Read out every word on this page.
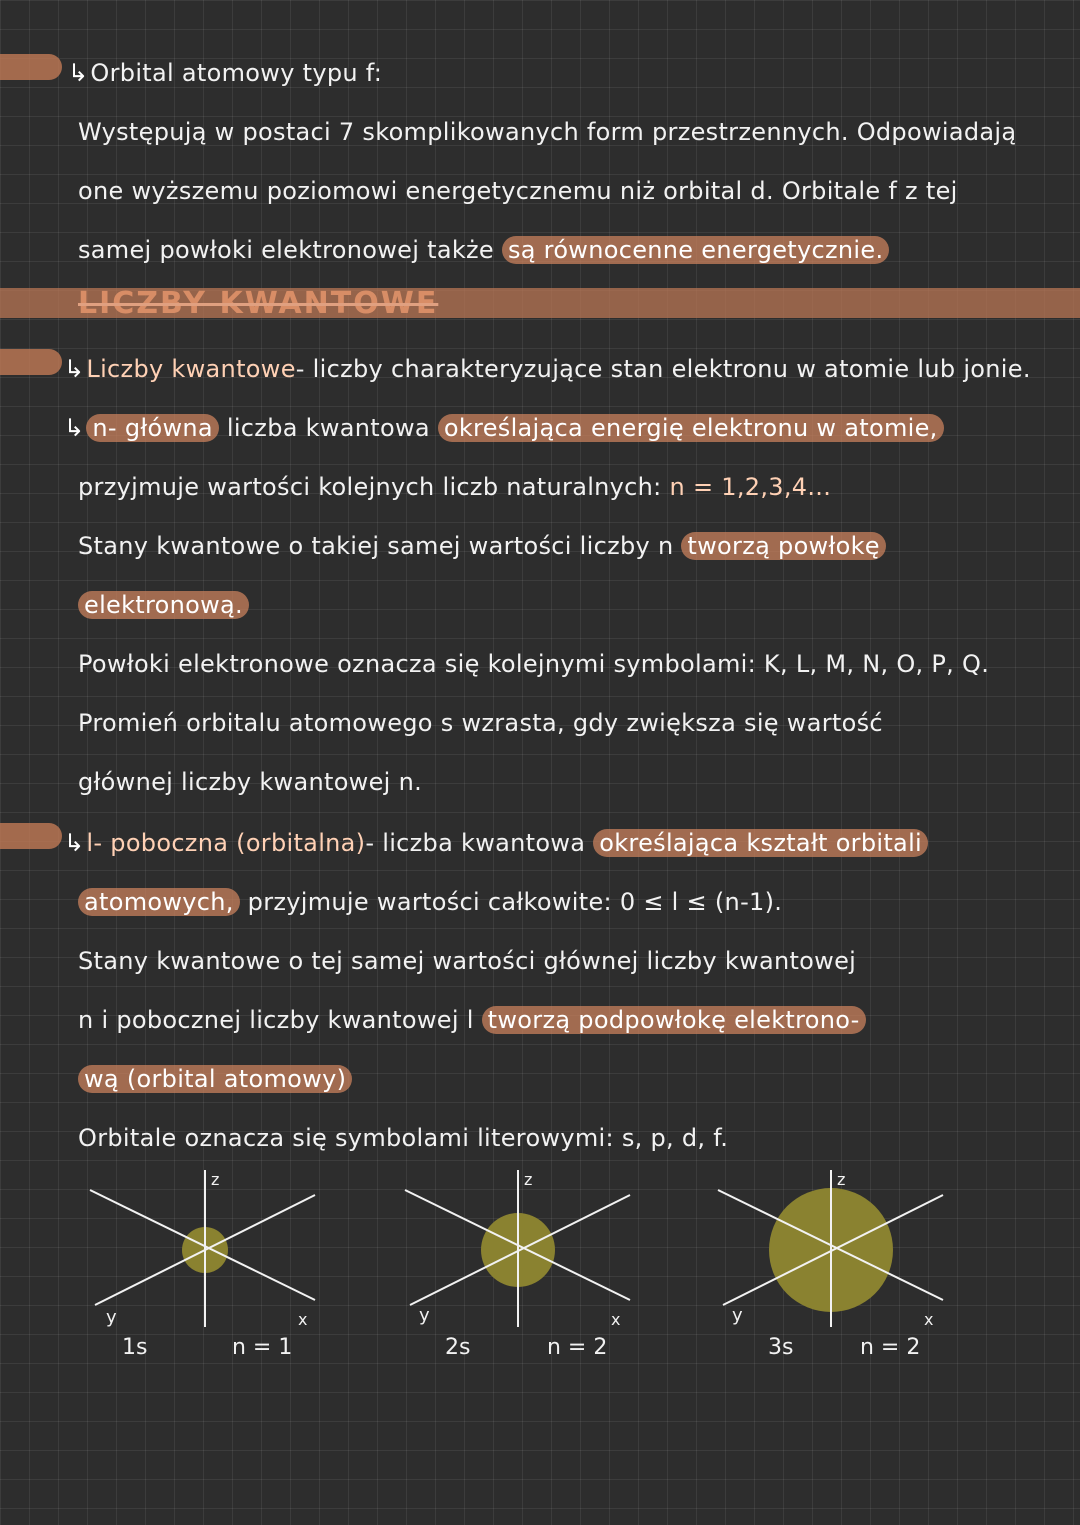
↳Orbital atomowy typu f:
Występują w postaci 7 skomplikowanych form przestrzennych. Odpowiadają
one wyższemu poziomowi energetycznemu niż orbital d. Orbitale f z tej
samej powłoki elektronowej także są równocenne energetycznie.
LICZBY KWANTOWE
↳Liczby kwantowe- liczby charakteryzujące stan elektronu w atomie lub jonie.
↳ n- główna liczba kwantowa określająca energię elektronu w atomie,
przyjmuje wartości kolejnych liczb naturalnych: n = 1,2,3,4...
Stany kwantowe o takiej samej wartości liczby n tworzą powłokę
elektronową.
Powłoki elektronowe oznacza się kolejnymi symbolami: K, L, M, N, O, P, Q.
Promień orbitalu atomowego s wzrasta, gdy zwiększa się wartość
głównej liczby kwantowej n.
↳l- poboczna (orbitalna)- liczba kwantowa określająca kształt orbitali
atomowych, przyjmuje wartości całkowite: 0 ≤ l ≤ (n-1).
Stany kwantowe o tej samej wartości głównej liczby kwantowej
n i pobocznej liczby kwantowej l tworzą podpowłokę elektrono-
wą (orbital atomowy)
Orbitale oznacza się symbolami literowymi: s, p, d, f.
z
y	x
1s	n = 1
z
y	x
2s	n = 2
z
y	x
3s	n = 2
